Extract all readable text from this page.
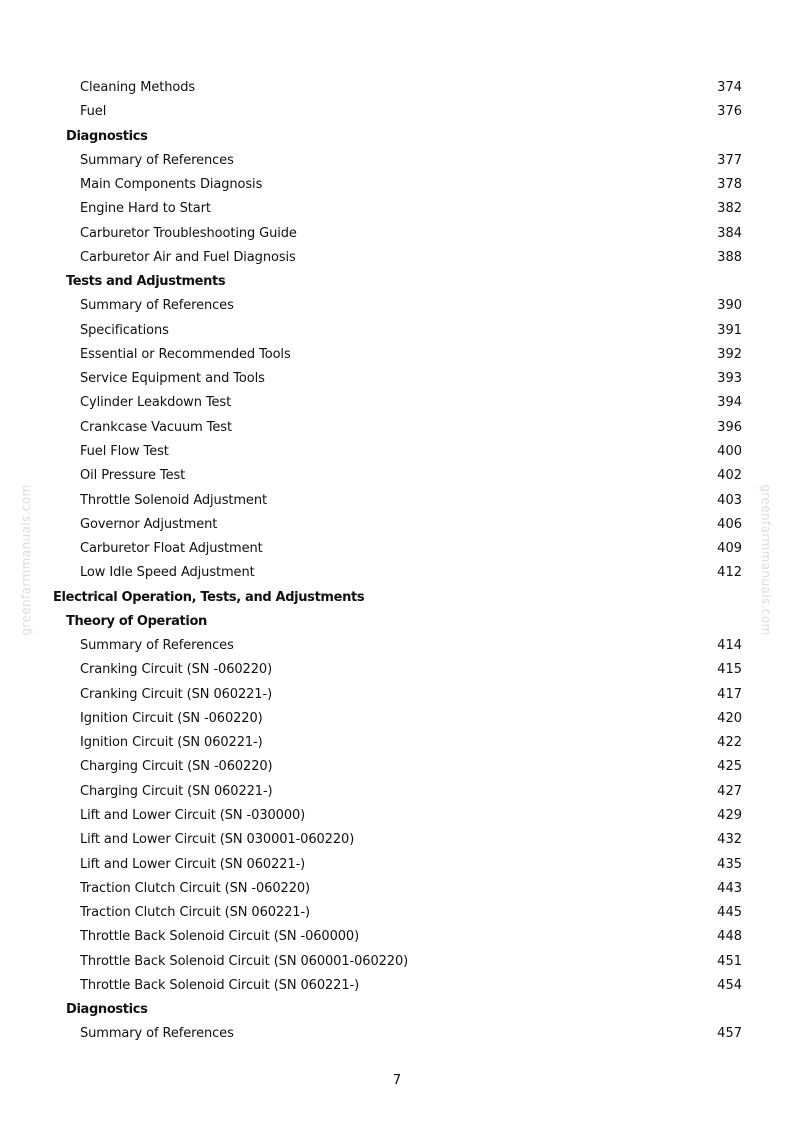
Cleaning Methods	374
Fuel	376
Diagnostics
Summary of References	377
Main Components Diagnosis	378
Engine Hard to Start	382
Carburetor Troubleshooting Guide	384
Carburetor Air and Fuel Diagnosis	388
Tests and Adjustments
Summary of References	390
Specifications	391
Essential or Recommended Tools	392
Service Equipment and Tools	393
Cylinder Leakdown Test	394
Crankcase Vacuum Test	396
Fuel Flow Test	400
Oil Pressure Test	402
Throttle Solenoid Adjustment	403
Governor Adjustment	406
Carburetor Float Adjustment	409
Low Idle Speed Adjustment	412
Electrical Operation, Tests, and Adjustments
Theory of Operation
Summary of References	414
Cranking Circuit (SN -060220)	415
Cranking Circuit (SN 060221-)	417
Ignition Circuit (SN -060220)	420
Ignition Circuit (SN 060221-)	422
Charging Circuit (SN -060220)	425
Charging Circuit (SN 060221-)	427
Lift and Lower Circuit (SN -030000)	429
Lift and Lower Circuit (SN 030001-060220)	432
Lift and Lower Circuit (SN 060221-)	435
Traction Clutch Circuit (SN -060220)	443
Traction Clutch Circuit (SN 060221-)	445
Throttle Back Solenoid Circuit (SN -060000)	448
Throttle Back Solenoid Circuit (SN 060001-060220)	451
Throttle Back Solenoid Circuit (SN 060221-)	454
Diagnostics
Summary of References	457
greenfarmmanuals.com	greenfarmmanuals.com
7
